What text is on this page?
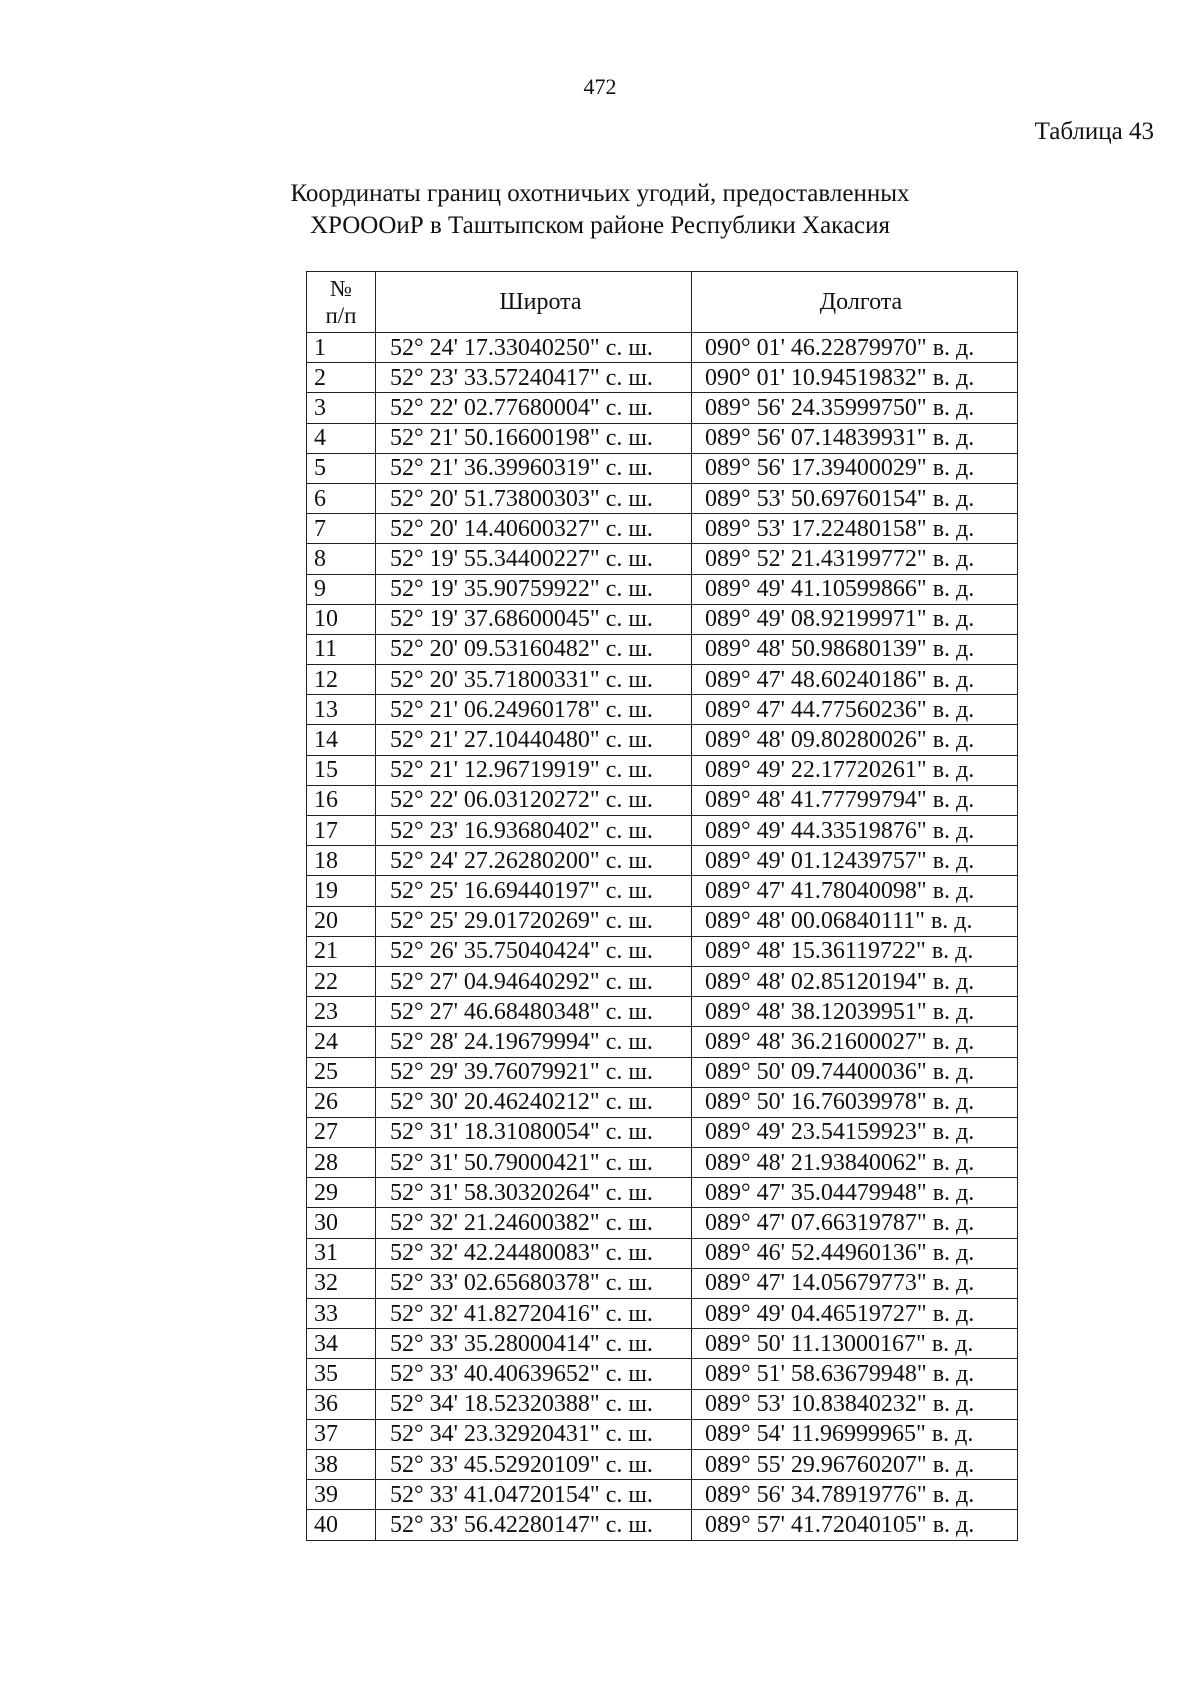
472
Таблица 43
Координаты границ охотничьих угодий, предоставленных
ХРОООиР в Таштыпском районе Республики Хакасия
№
п/п	Широта	Долгота
1	52° 24' 17.33040250" с. ш.	090° 01' 46.22879970" в. д.
2	52° 23' 33.57240417" с. ш.	090° 01' 10.94519832" в. д.
3	52° 22' 02.77680004" с. ш.	089° 56' 24.35999750" в. д.
4	52° 21' 50.16600198" с. ш.	089° 56' 07.14839931" в. д.
5	52° 21' 36.39960319" с. ш.	089° 56' 17.39400029" в. д.
6	52° 20' 51.73800303" с. ш.	089° 53' 50.69760154" в. д.
7	52° 20' 14.40600327" с. ш.	089° 53' 17.22480158" в. д.
8	52° 19' 55.34400227" с. ш.	089° 52' 21.43199772" в. д.
9	52° 19' 35.90759922" с. ш.	089° 49' 41.10599866" в. д.
10	52° 19' 37.68600045" с. ш.	089° 49' 08.92199971" в. д.
11	52° 20' 09.53160482" с. ш.	089° 48' 50.98680139" в. д.
12	52° 20' 35.71800331" с. ш.	089° 47' 48.60240186" в. д.
13	52° 21' 06.24960178" с. ш.	089° 47' 44.77560236" в. д.
14	52° 21' 27.10440480" с. ш.	089° 48' 09.80280026" в. д.
15	52° 21' 12.96719919" с. ш.	089° 49' 22.17720261" в. д.
16	52° 22' 06.03120272" с. ш.	089° 48' 41.77799794" в. д.
17	52° 23' 16.93680402" с. ш.	089° 49' 44.33519876" в. д.
18	52° 24' 27.26280200" с. ш.	089° 49' 01.12439757" в. д.
19	52° 25' 16.69440197" с. ш.	089° 47' 41.78040098" в. д.
20	52° 25' 29.01720269" с. ш.	089° 48' 00.06840111" в. д.
21	52° 26' 35.75040424" с. ш.	089° 48' 15.36119722" в. д.
22	52° 27' 04.94640292" с. ш.	089° 48' 02.85120194" в. д.
23	52° 27' 46.68480348" с. ш.	089° 48' 38.12039951" в. д.
24	52° 28' 24.19679994" с. ш.	089° 48' 36.21600027" в. д.
25	52° 29' 39.76079921" с. ш.	089° 50' 09.74400036" в. д.
26	52° 30' 20.46240212" с. ш.	089° 50' 16.76039978" в. д.
27	52° 31' 18.31080054" с. ш.	089° 49' 23.54159923" в. д.
28	52° 31' 50.79000421" с. ш.	089° 48' 21.93840062" в. д.
29	52° 31' 58.30320264" с. ш.	089° 47' 35.04479948" в. д.
30	52° 32' 21.24600382" с. ш.	089° 47' 07.66319787" в. д.
31	52° 32' 42.24480083" с. ш.	089° 46' 52.44960136" в. д.
32	52° 33' 02.65680378" с. ш.	089° 47' 14.05679773" в. д.
33	52° 32' 41.82720416" с. ш.	089° 49' 04.46519727" в. д.
34	52° 33' 35.28000414" с. ш.	089° 50' 11.13000167" в. д.
35	52° 33' 40.40639652" с. ш.	089° 51' 58.63679948" в. д.
36	52° 34' 18.52320388" с. ш.	089° 53' 10.83840232" в. д.
37	52° 34' 23.32920431" с. ш.	089° 54' 11.96999965" в. д.
38	52° 33' 45.52920109" с. ш.	089° 55' 29.96760207" в. д.
39	52° 33' 41.04720154" с. ш.	089° 56' 34.78919776" в. д.
40	52° 33' 56.42280147" с. ш.	089° 57' 41.72040105" в. д.
